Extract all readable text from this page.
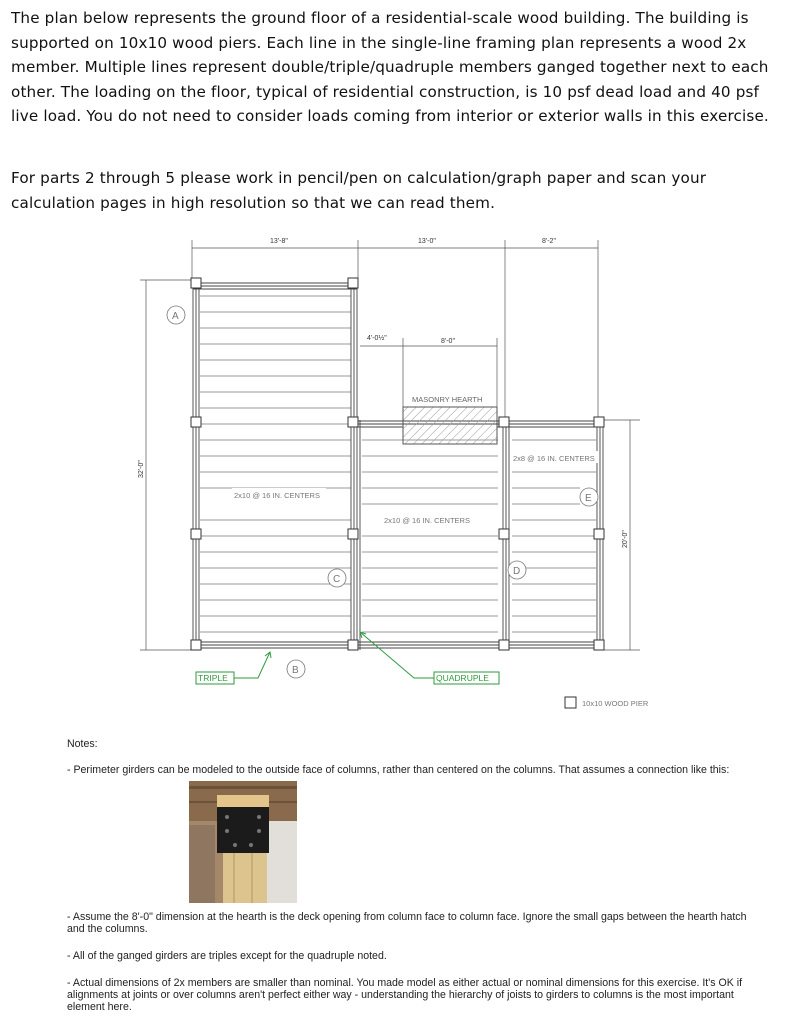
The plan below represents the ground floor of a residential-scale wood building. The building is supported on 10x10 wood piers. Each line in the single-line framing plan represents a wood 2x member. Multiple lines represent double/triple/quadruple members ganged together next to each other. The loading on the floor, typical of residential construction, is 10 psf dead load and 40 psf live load. You do not need to consider loads coming from interior or exterior walls in this exercise.

For parts 2 through 5 please work in pencil/pen on calculation/graph paper and scan your calculation pages in high resolution so that we can read them.

13'-8"	13'-0"	8'-2"
32'-0"
20'-0"
4'-0½"	8'-0"
MASONRY HEARTH
2x10 @ 16 IN. CENTERS
2x10 @ 16 IN. CENTERS
2x8 @ 16 IN. CENTERS
A
B
C
D
E
TRIPLE	QUADRUPLE
10x10 WOOD PIER

Notes:

- Perimeter girders can be modeled to the outside face of columns, rather than centered on the columns. That assumes a connection like this:

- Assume the 8'-0" dimension at the hearth is the deck opening from column face to column face. Ignore the small gaps between the hearth hatch and the columns.

- All of the ganged girders are triples except for the quadruple noted.

- Actual dimensions of 2x members are smaller than nominal. You made model as either actual or nominal dimensions for this exercise. It's OK if alignments at joints or over columns aren't perfect either way - understanding the hierarchy of joists to girders to columns is the most important element here.
